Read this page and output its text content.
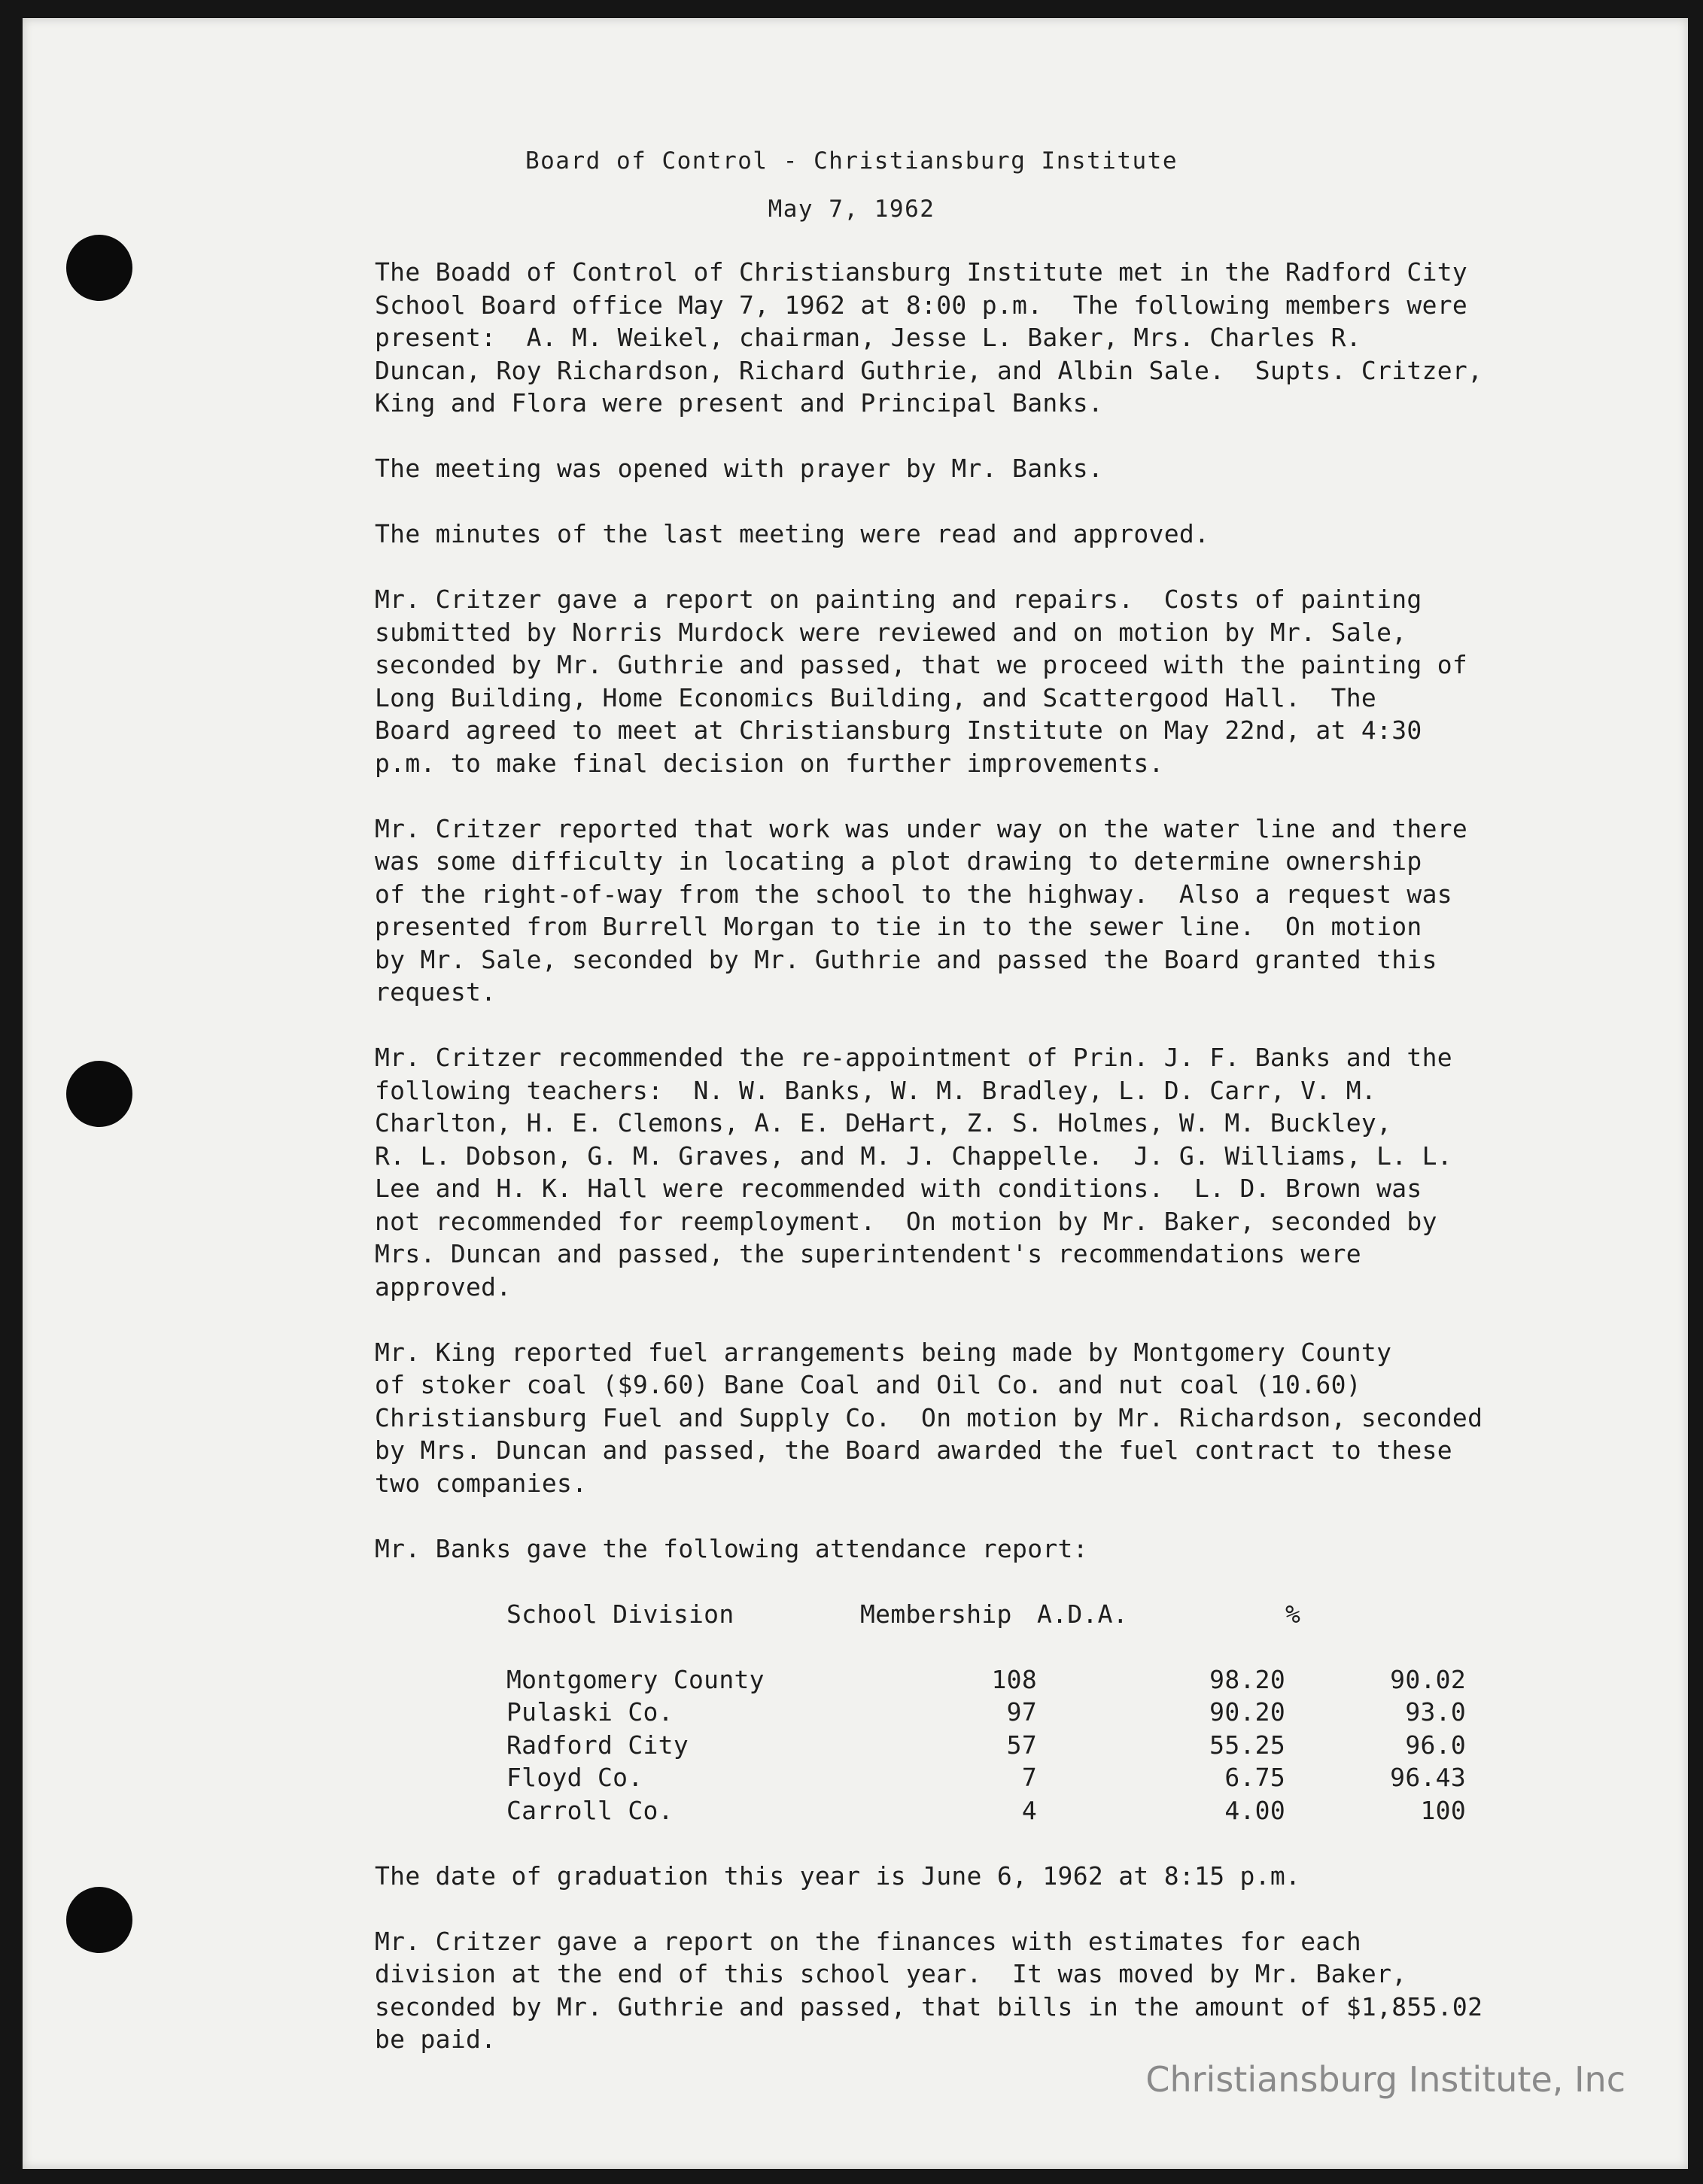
Board of Control - Christiansburg Institute
May 7, 1962
The Boadd of Control of Christiansburg Institute met in the Radford City
School Board office May 7, 1962 at 8:00 p.m.  The following members were
present:  A. M. Weikel, chairman, Jesse L. Baker, Mrs. Charles R.
Duncan, Roy Richardson, Richard Guthrie, and Albin Sale.  Supts. Critzer,
King and Flora were present and Principal Banks.
The meeting was opened with prayer by Mr. Banks.
The minutes of the last meeting were read and approved.
Mr. Critzer gave a report on painting and repairs.  Costs of painting
submitted by Norris Murdock were reviewed and on motion by Mr. Sale,
seconded by Mr. Guthrie and passed, that we proceed with the painting of
Long Building, Home Economics Building, and Scattergood Hall.  The
Board agreed to meet at Christiansburg Institute on May 22nd, at 4:30
p.m. to make final decision on further improvements.
Mr. Critzer reported that work was under way on the water line and there
was some difficulty in locating a plot drawing to determine ownership
of the right-of-way from the school to the highway.  Also a request was
presented from Burrell Morgan to tie in to the sewer line.  On motion
by Mr. Sale, seconded by Mr. Guthrie and passed the Board granted this
request.
Mr. Critzer recommended the re-appointment of Prin. J. F. Banks and the
following teachers:  N. W. Banks, W. M. Bradley, L. D. Carr, V. M.
Charlton, H. E. Clemons, A. E. DeHart, Z. S. Holmes, W. M. Buckley,
R. L. Dobson, G. M. Graves, and M. J. Chappelle.  J. G. Williams, L. L.
Lee and H. K. Hall were recommended with conditions.  L. D. Brown was
not recommended for reemployment.  On motion by Mr. Baker, seconded by
Mrs. Duncan and passed, the superintendent's recommendations were
approved.
Mr. King reported fuel arrangements being made by Montgomery County
of stoker coal ($9.60) Bane Coal and Oil Co. and nut coal (10.60)
Christiansburg Fuel and Supply Co.  On motion by Mr. Richardson, seconded
by Mrs. Duncan and passed, the Board awarded the fuel contract to these
two companies.
Mr. Banks gave the following attendance report:
School Division	Membership	A.D.A.	%

Montgomery County	108	98.20	90.02
Pulaski Co.	97	90.20	93.0
Radford City	57	55.25	96.0
Floyd Co.	7	6.75	96.43
Carroll Co.	4	4.00	100
The date of graduation this year is June 6, 1962 at 8:15 p.m.
Mr. Critzer gave a report on the finances with estimates for each
division at the end of this school year.  It was moved by Mr. Baker,
seconded by Mr. Guthrie and passed, that bills in the amount of $1,855.02
be paid.
Christiansburg Institute, Inc
